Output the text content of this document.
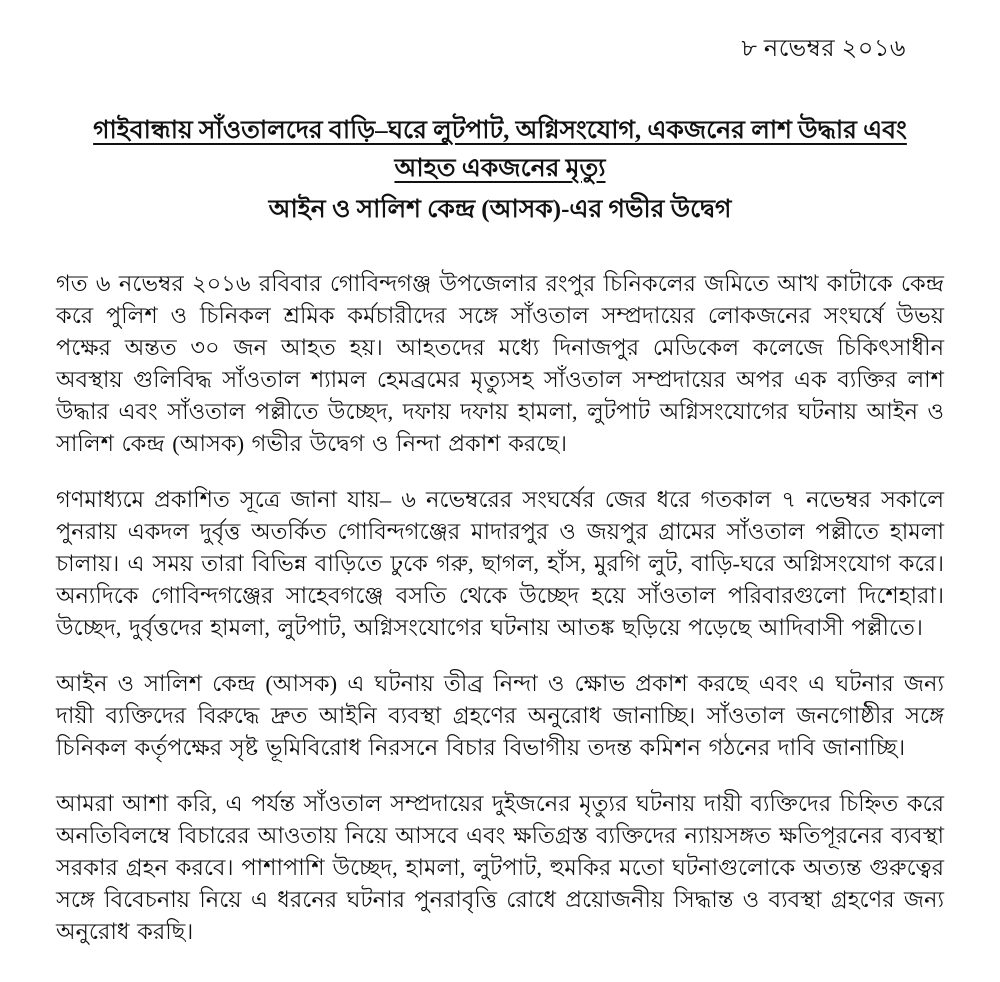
৮ নভেম্বর ২০১৬
গাইবান্ধায় সাঁওতালদের বাড়ি–ঘরে লুটপাট, অগ্নিসংযোগ, একজনের লাশ উদ্ধার এবং আহত একজনের মৃত্যু
আইন ও সালিশ কেন্দ্র (আসক)-এর গভীর উদ্বেগ

গত ৬ নভেম্বর ২০১৬ রবিবার গোবিন্দগঞ্জ উপজেলার রংপুর চিনিকলের জমিতে আখ কাটাকে কেন্দ্র করে পুলিশ ও চিনিকল শ্রমিক কর্মচারীদের সঙ্গে সাঁওতাল সম্প্রদায়ের লোকজনের সংঘর্ষে উভয় পক্ষের অন্তত ৩০ জন আহত হয়। আহতদের মধ্যে দিনাজপুর মেডিকেল কলেজে চিকিৎসাধীন অবস্থায় গুলিবিদ্ধ সাঁওতাল শ্যামল হেমব্রমের মৃত্যুসহ সাঁওতাল সম্প্রদায়ের অপর এক ব্যক্তির লাশ উদ্ধার এবং সাঁওতাল পল্লীতে উচ্ছেদ, দফায় দফায় হামলা, লুটপাট অগ্নিসংযোগের ঘটনায় আইন ও সালিশ কেন্দ্র (আসক) গভীর উদ্বেগ ও নিন্দা প্রকাশ করছে।

গণমাধ্যমে প্রকাশিত সূত্রে জানা যায়– ৬ নভেম্বরের সংঘর্ষের জের ধরে গতকাল ৭ নভেম্বর সকালে পুনরায় একদল দুর্বৃত্ত অতর্কিত গোবিন্দগঞ্জের মাদারপুর ও জয়পুর গ্রামের সাঁওতাল পল্লীতে হামলা চালায়। এ সময় তারা বিভিন্ন বাড়িতে ঢুকে গরু, ছাগল, হাঁস, মুরগি লুট, বাড়ি-ঘরে অগ্নিসংযোগ করে। অন্যদিকে গোবিন্দগঞ্জের সাহেবগঞ্জে বসতি থেকে উচ্ছেদ হয়ে সাঁওতাল পরিবারগুলো দিশেহারা। উচ্ছেদ, দুর্বৃত্তদের হামলা, লুটপাট, অগ্নিসংযোগের ঘটনায় আতঙ্ক ছড়িয়ে পড়েছে আদিবাসী পল্লীতে।

আইন ও সালিশ কেন্দ্র (আসক) এ ঘটনায় তীব্র নিন্দা ও ক্ষোভ প্রকাশ করছে এবং এ ঘটনার জন্য দায়ী ব্যক্তিদের বিরুদ্ধে দ্রুত আইনি ব্যবস্থা গ্রহণের অনুরোধ জানাচ্ছি। সাঁওতাল জনগোষ্ঠীর সঙ্গে চিনিকল কর্তৃপক্ষের সৃষ্ট ভূমিবিরোধ নিরসনে বিচার বিভাগীয় তদন্ত কমিশন গঠনের দাবি জানাচ্ছি।

আমরা আশা করি, এ পর্যন্ত সাঁওতাল সম্প্রদায়ের দুইজনের মৃত্যুর ঘটনায় দায়ী ব্যক্তিদের চিহ্নিত করে অনতিবিলম্বে বিচারের আওতায় নিয়ে আসবে এবং ক্ষতিগ্রস্ত ব্যক্তিদের ন্যায়সঙ্গত ক্ষতিপূরনের ব্যবস্থা সরকার গ্রহন করবে। পাশাপাশি উচ্ছেদ, হামলা, লুটপাট, হুমকির মতো ঘটনাগুলোকে অত্যন্ত গুরুত্বের সঙ্গে বিবেচনায় নিয়ে এ ধরনের ঘটনার পুনরাবৃত্তি রোধে প্রয়োজনীয় সিদ্ধান্ত ও ব্যবস্থা গ্রহণের জন্য অনুরোধ করছি।
